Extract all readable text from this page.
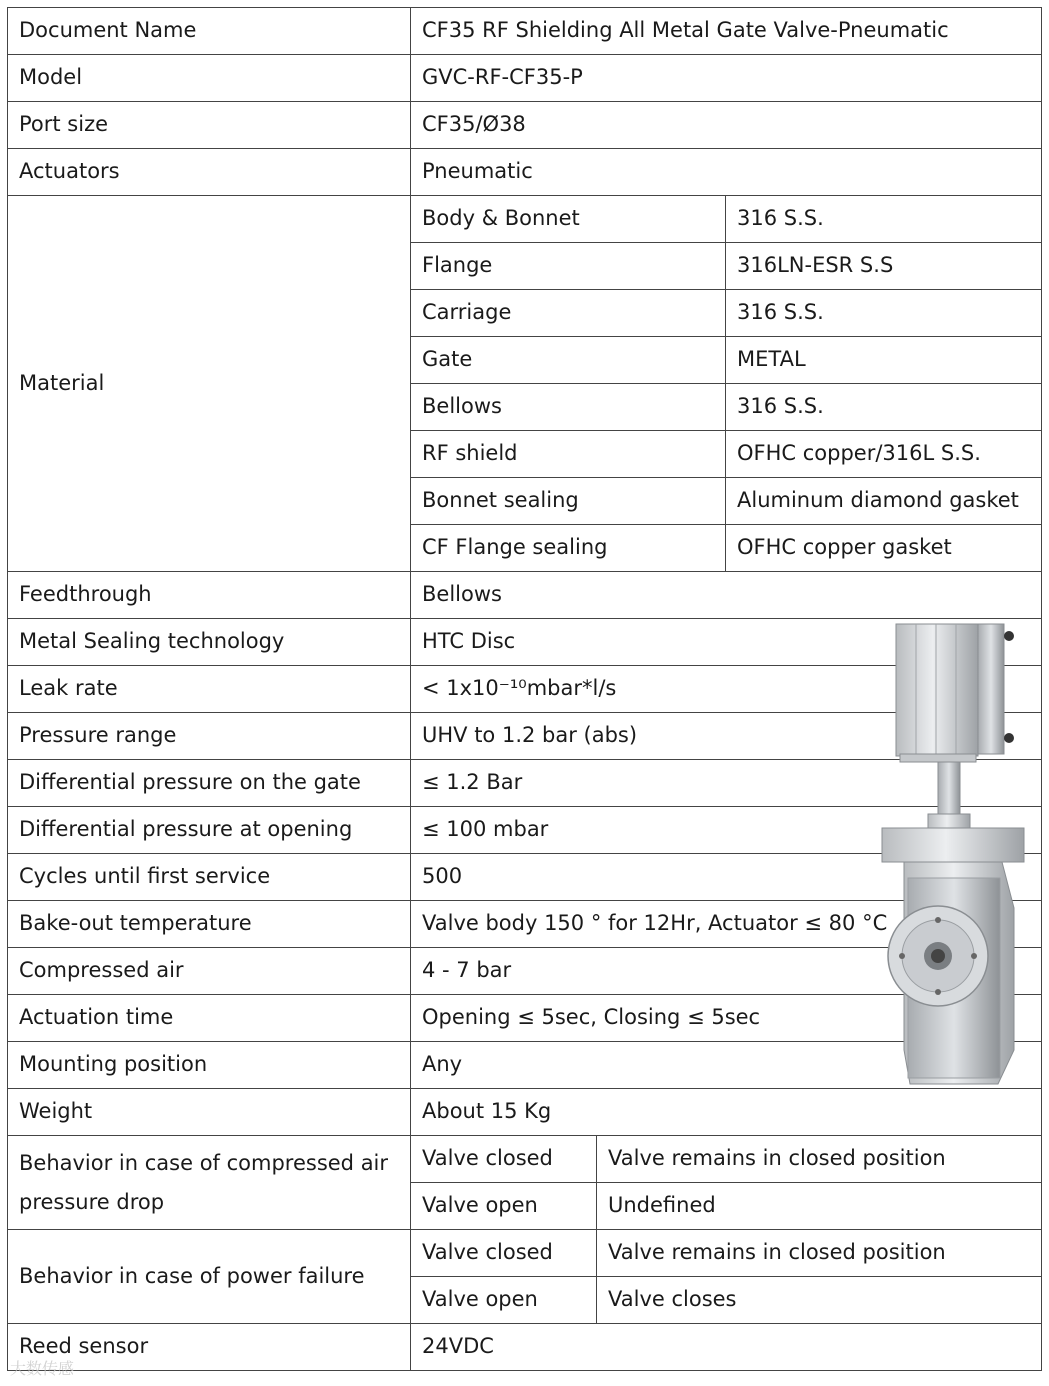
Document Name	CF35 RF Shielding All Metal Gate Valve-Pneumatic		
Model	GVC-RF-CF35-P		
Port size	CF35/Ø38		
Actuators	Pneumatic		
Material	Body & Bonnet		316 S.S.
	Flange		316LN-ESR S.S
	Carriage		316 S.S.
	Gate		METAL
	Bellows		316 S.S.
	RF shield		OFHC copper/316L S.S.
	Bonnet sealing		Aluminum diamond gasket
	CF Flange sealing		OFHC copper gasket
Feedthrough	Bellows		
Metal Sealing technology	HTC Disc		
Leak rate	< 1x10⁻¹⁰mbar*l/s		
Pressure range	UHV to 1.2 bar (abs)		
Differential pressure on the gate	≤ 1.2 Bar		
Differential pressure at opening	≤ 100 mbar		
Cycles until first service	500		
Bake-out temperature	Valve body 150 ° for 12Hr, Actuator ≤ 80 °C		
Compressed air	4 - 7 bar		
Actuation time	Opening ≤ 5sec, Closing ≤ 5sec		
Mounting position	Any		
Weight	About 15 Kg		
Behavior in case of compressed air pressure drop	Valve closed	Valve remains in closed position	
	Valve open	Undefined	
Behavior in case of power failure	Valve closed	Valve remains in closed position	
	Valve open	Valve closes	
Reed sensor	24VDC		
大数传感
